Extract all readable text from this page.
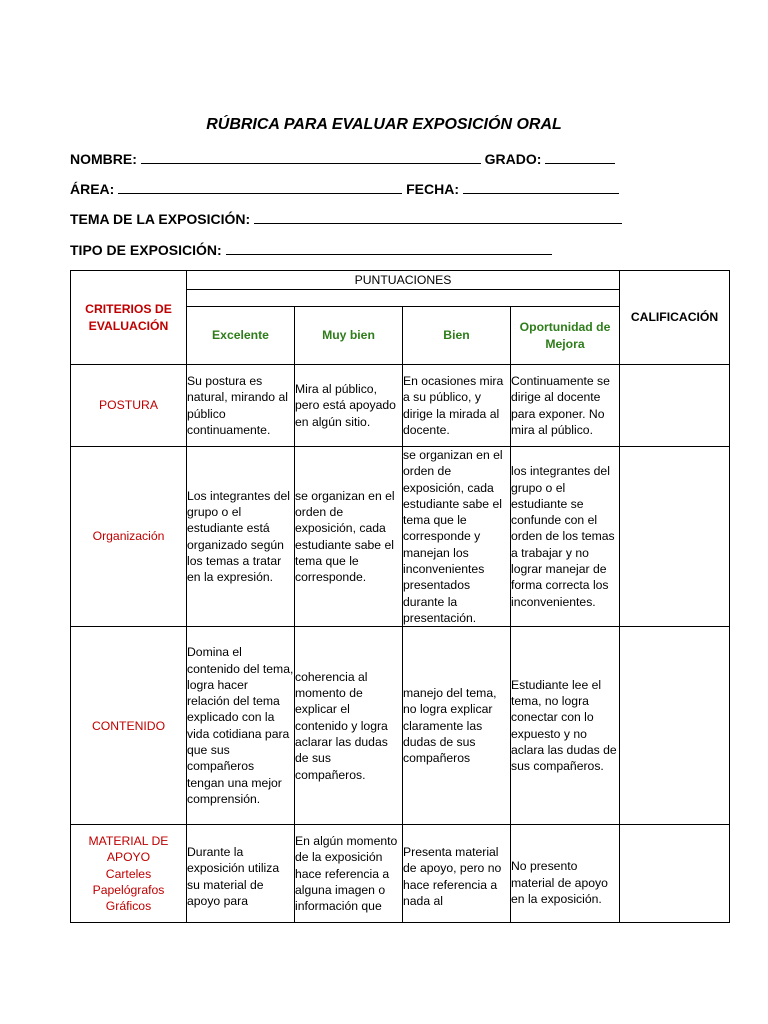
RÚBRICA PARA EVALUAR EXPOSICIÓN ORAL
NOMBRE:	GRADO:
ÁREA:	FECHA:
TEMA DE LA EXPOSICIÓN:
TIPO DE EXPOSICIÓN:
CRITERIOS DE EVALUACIÓN	PUNTUACIONES				CALIFICACIÓN

	Excelente	Muy bien	Bien	Oportunidad de Mejora	
POSTURA	Su postura es natural, mirando al público continuamente.	Mira al público, pero está apoyado en algún sitio.	En ocasiones mira a su público, y dirige la mirada al docente.	Continuamente se dirige al docente para exponer. No mira al público.	
Organización	Los integrantes del grupo o el estudiante está organizado según los temas a tratar en la expresión.	se organizan en el orden de exposición, cada estudiante sabe el tema que le corresponde.	se organizan en el orden de exposición, cada estudiante sabe el tema que le corresponde y manejan los inconvenientes presentados durante la presentación.	los integrantes del grupo o el estudiante se confunde con el orden de los temas a trabajar y no lograr manejar de forma correcta los inconvenientes.	
CONTENIDO	Domina el contenido del tema, logra hacer relación del tema explicado con la vida cotidiana para que sus compañeros tengan una mejor comprensión.	coherencia al momento de explicar el contenido y logra aclarar las dudas de sus compañeros.	manejo del tema, no logra explicar claramente las dudas de sus compañeros	Estudiante lee el tema, no logra conectar con lo expuesto y no aclara las dudas de sus compañeros.	

MATERIAL DE APOYO
Carteles
Papelógrafos
Gráficos	Durante la exposición utiliza su material de apoyo para	En algún momento de la exposición hace referencia a alguna imagen o información que	Presenta material de apoyo, pero no hace referencia a nada al	No presento material de apoyo en la exposición.	
